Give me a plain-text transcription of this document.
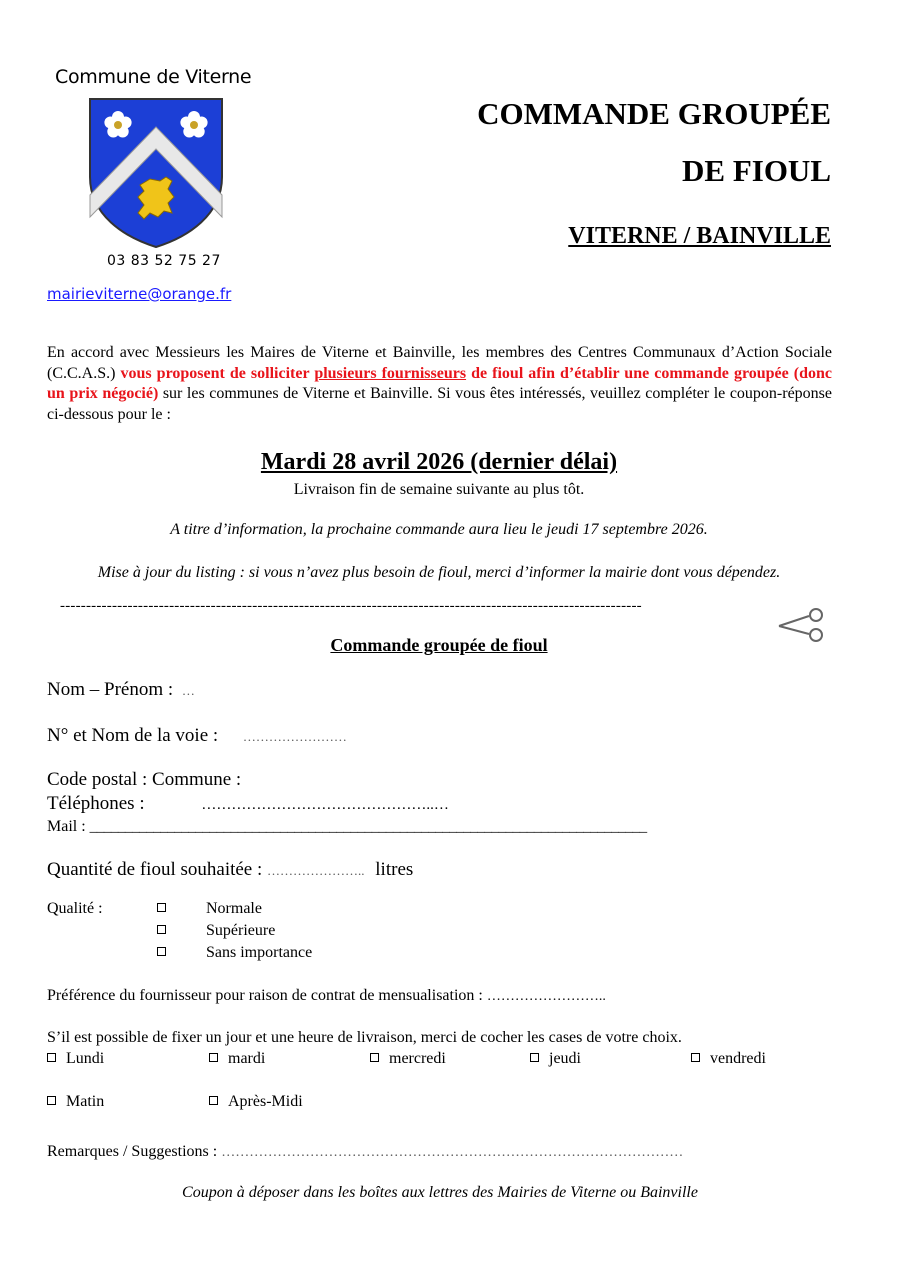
Commune de Viterne
03 83 52 75 27
mairieviterne@orange.fr
COMMANDE GROUPÉE
DE FIOUL
VITERNE / BAINVILLE
En accord avec Messieurs les Maires de Viterne et Bainville, les membres des Centres Communaux d’Action Sociale (C.C.A.S.) vous proposent de solliciter plusieurs fournisseurs de fioul afin d’établir une commande groupée (donc un prix négocié) sur les communes de Viterne et Bainville. Si vous êtes intéressés, veuillez compléter le coupon-réponse ci-dessous pour le :
Mardi 28 avril 2026 (dernier délai)
Livraison fin de semaine suivante au plus tôt.
A titre d’information, la prochaine commande aura lieu le jeudi 17 septembre 2026.
Mise à jour du listing : si vous n’avez plus besoin de fioul, merci d’informer la mairie dont vous dépendez.
----------------------------------------------------------------------------------------------------------------
Commande groupée de fioul
Nom – Prénom : …
N° et Nom de la voie : ……………………
Code postal : Commune :
Téléphones :	………………………………………..…
Mail : _______________________________________________________________________________
Quantité de fioul souhaitée : ………………….. litres
Qualité :	Normale
Supérieure
Sans importance
Préférence du fournisseur pour raison de contrat de mensualisation : ……………………..
S’il est possible de fixer un jour et une heure de livraison, merci de cocher les cases de votre choix.
Lundi	mardi	mercredi	jeudi	vendredi
Matin	Après-Midi
Remarques / Suggestions : ………………………………………………………………………………………
Coupon à déposer dans les boîtes aux lettres des Mairies de Viterne ou Bainville
